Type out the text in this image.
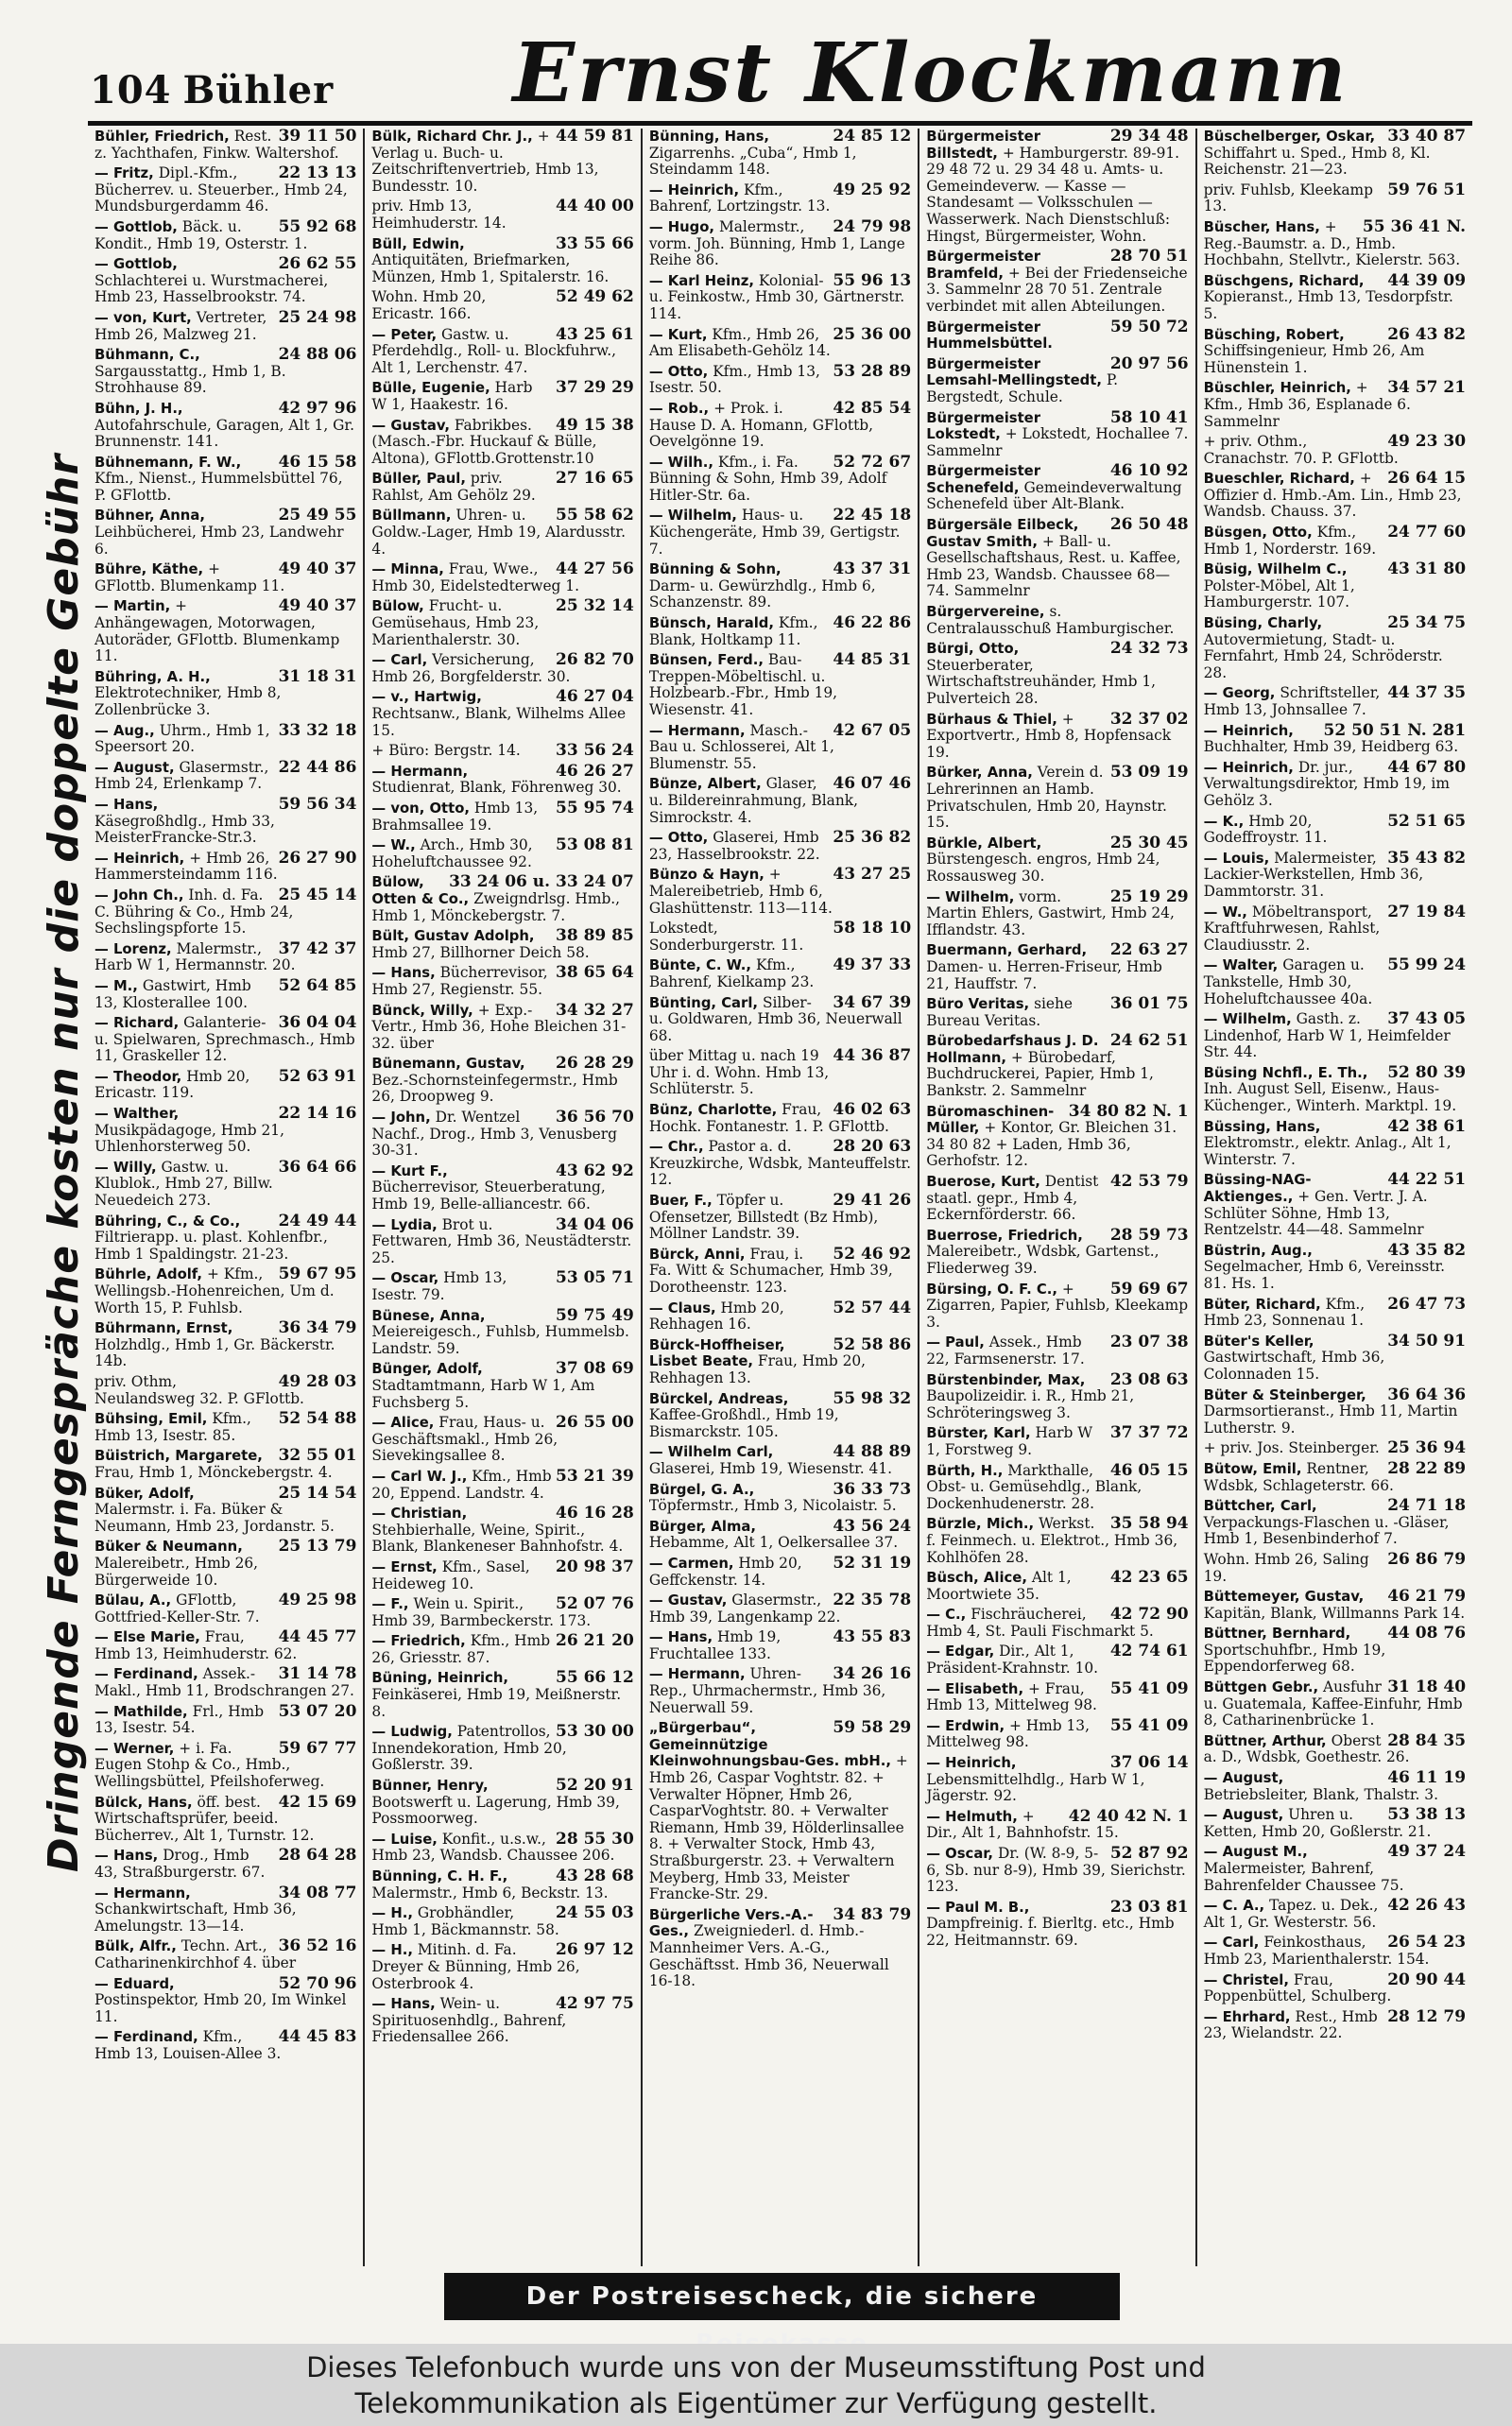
104 Bühler	Ernst Klockmann
Dringende Ferngespräche kosten nur die doppelte Gebühr
39 11 50
Bühler, Friedrich, Rest. z. Yachthafen, Finkw. Waltershof.
22 13 13
— Fritz, Dipl.-Kfm., Bücherrev. u. Steuerber., Hmb 24, Mundsburgerdamm 46.
55 92 68
— Gottlob, Bäck. u. Kondit., Hmb 19, Osterstr. 1.
26 62 55
— Gottlob, Schlachterei u. Wurstmacherei, Hmb 23, Hasselbrookstr. 74.
25 24 98
— von, Kurt, Vertreter, Hmb 26, Malzweg 21.
24 88 06
Bühmann, C., Sargausstattg., Hmb 1, B. Strohhause 89.
42 97 96
Bühn, J. H., Autofahrschule, Garagen, Alt 1, Gr. Brunnenstr. 141.
46 15 58
Bühnemann, F. W., Kfm., Nienst., Hummelsbüttel 76, P. GFlottb.
25 49 55
Bühner, Anna, Leihbücherei, Hmb 23, Landwehr 6.
49 40 37
Bühre, Käthe, + GFlottb. Blumenkamp 11.
49 40 37
— Martin, + Anhängewagen, Motorwagen, Autoräder, GFlottb. Blumenkamp 11.
31 18 31
Bühring, A. H., Elektrotechniker, Hmb 8, Zollenbrücke 3.
33 32 18
— Aug., Uhrm., Hmb 1, Speersort 20.
22 44 86
— August, Glasermstr., Hmb 24, Erlenkamp 7.
59 56 34
— Hans, Käsegroßhdlg., Hmb 33, MeisterFrancke-Str.3.
26 27 90
— Heinrich, + Hmb 26, Hammersteindamm 116.
25 45 14
— John Ch., Inh. d. Fa. C. Bühring & Co., Hmb 24, Sechslingspforte 15.
37 42 37
— Lorenz, Malermstr., Harb W 1, Hermannstr. 20.
52 64 85
— M., Gastwirt, Hmb 13, Klosterallee 100.
36 04 04
— Richard, Galanterie- u. Spielwaren, Sprechmasch., Hmb 11, Graskeller 12.
52 63 91
— Theodor, Hmb 20, Ericastr. 119.
22 14 16
— Walther, Musikpädagoge, Hmb 21, Uhlenhorsterweg 50.
36 64 66
— Willy, Gastw. u. Klublok., Hmb 27, Billw. Neuedeich 273.
24 49 44
Bühring, C., & Co., Filtrierapp. u. plast. Kohlenfbr., Hmb 1 Spaldingstr. 21-23.
59 67 95
Bührle, Adolf, + Kfm., Wellingsb.-Hohenreichen, Um d. Worth 15, P. Fuhlsb.
36 34 79
Bührmann, Ernst, Holzhdlg., Hmb 1, Gr. Bäckerstr. 14b.
49 28 03
priv. Othm, Neulandsweg 32. P. GFlottb.
52 54 88
Bühsing, Emil, Kfm., Hmb 13, Isestr. 85.
32 55 01
Büistrich, Margarete, Frau, Hmb 1, Mönckebergstr. 4.
25 14 54
Büker, Adolf, Malermstr. i. Fa. Büker & Neumann, Hmb 23, Jordanstr. 5.
25 13 79
Büker & Neumann, Malereibetr., Hmb 26, Bürgerweide 10.
49 25 98
Bülau, A., GFlottb, Gottfried-Keller-Str. 7.
44 45 77
— Else Marie, Frau, Hmb 13, Heimhuderstr. 62.
31 14 78
— Ferdinand, Assek.-Makl., Hmb 11, Brodschrangen 27.
53 07 20
— Mathilde, Frl., Hmb 13, Isestr. 54.
59 67 77
— Werner, + i. Fa. Eugen Stohp & Co., Hmb., Wellingsbüttel, Pfeilshoferweg.
42 15 69
Bülck, Hans, öff. best. Wirtschaftsprüfer, beeid. Bücherrev., Alt 1, Turnstr. 12.
28 64 28
— Hans, Drog., Hmb 43, Straßburgerstr. 67.
34 08 77
— Hermann, Schankwirtschaft, Hmb 36, Amelungstr. 13—14.
36 52 16
Bülk, Alfr., Techn. Art., Catharinenkirchhof 4. über
52 70 96
— Eduard, Postinspektor, Hmb 20, Im Winkel 11.
44 45 83
— Ferdinand, Kfm., Hmb 13, Louisen-Allee 3.
44 59 81
Bülk, Richard Chr. J., + Verlag u. Buch- u. Zeitschriftenvertrieb, Hmb 13, Bundesstr. 10.
44 40 00
priv. Hmb 13, Heimhuderstr. 14.
33 55 66
Büll, Edwin, Antiquitäten, Briefmarken, Münzen, Hmb 1, Spitalerstr. 16.
52 49 62
Wohn. Hmb 20, Ericastr. 166.
43 25 61
— Peter, Gastw. u. Pferdehdlg., Roll- u. Blockfuhrw., Alt 1, Lerchenstr. 47.
37 29 29
Bülle, Eugenie, Harb W 1, Haakestr. 16.
49 15 38
— Gustav, Fabrikbes. (Masch.-Fbr. Huckauf & Bülle, Altona), GFlottb.Grottenstr.10
27 16 65
Büller, Paul, priv. Rahlst, Am Gehölz 29.
55 58 62
Büllmann, Uhren- u. Goldw.-Lager, Hmb 19, Alardusstr. 4.
44 27 56
— Minna, Frau, Wwe., Hmb 30, Eidelstedterweg 1.
25 32 14
Bülow, Frucht- u. Gemüsehaus, Hmb 23, Marienthalerstr. 30.
26 82 70
— Carl, Versicherung, Hmb 26, Borgfelderstr. 30.
46 27 04
— v., Hartwig, Rechtsanw., Blank, Wilhelms Allee 15.
33 56 24
+ Büro: Bergstr. 14.
46 26 27
— Hermann, Studienrat, Blank, Föhrenweg 30.
55 95 74
— von, Otto, Hmb 13, Brahmsallee 19.
53 08 81
— W., Arch., Hmb 30, Hoheluftchaussee 92.
33 24 06 u. 33 24 07
Bülow, Otten & Co., Zweigndrlsg. Hmb., Hmb 1, Mönckebergstr. 7.
38 89 85
Bült, Gustav Adolph, Hmb 27, Billhorner Deich 58.
38 65 64
— Hans, Bücherrevisor, Hmb 27, Regienstr. 55.
34 32 27
Bünck, Willy, + Exp.-Vertr., Hmb 36, Hohe Bleichen 31-32. über
26 28 29
Bünemann, Gustav, Bez.-Schornsteinfegermstr., Hmb 26, Droopweg 9.
36 56 70
— John, Dr. Wentzel Nachf., Drog., Hmb 3, Venusberg 30-31.
43 62 92
— Kurt F., Bücherrevisor, Steuerberatung, Hmb 19, Belle-alliancestr. 66.
34 04 06
— Lydia, Brot u. Fettwaren, Hmb 36, Neustädterstr. 25.
53 05 71
— Oscar, Hmb 13, Isestr. 79.
59 75 49
Bünese, Anna, Meiereigesch., Fuhlsb, Hummelsb. Landstr. 59.
37 08 69
Bünger, Adolf, Stadtamtmann, Harb W 1, Am Fuchsberg 5.
26 55 00
— Alice, Frau, Haus- u. Geschäftsmakl., Hmb 26, Sievekingsallee 8.
53 21 39
— Carl W. J., Kfm., Hmb 20, Eppend. Landstr. 4.
46 16 28
— Christian, Stehbierhalle, Weine, Spirit., Blank, Blankeneser Bahnhofstr. 4.
20 98 37
— Ernst, Kfm., Sasel, Heideweg 10.
52 07 76
— F., Wein u. Spirit., Hmb 39, Barmbeckerstr. 173.
26 21 20
— Friedrich, Kfm., Hmb 26, Griesstr. 87.
55 66 12
Büning, Heinrich, Feinkäserei, Hmb 19, Meißnerstr. 8.
53 30 00
— Ludwig, Patentrollos, Innendekoration, Hmb 20, Goßlerstr. 39.
52 20 91
Bünner, Henry, Bootswerft u. Lagerung, Hmb 39, Possmoorweg.
28 55 30
— Luise, Konfit., u.s.w., Hmb 23, Wandsb. Chaussee 206.
43 28 68
Bünning, C. H. F., Malermstr., Hmb 6, Beckstr. 13.
24 55 03
— H., Grobhändler, Hmb 1, Bäckmannstr. 58.
26 97 12
— H., Mitinh. d. Fa. Dreyer & Bünning, Hmb 26, Osterbrook 4.
42 97 75
— Hans, Wein- u. Spirituosenhdlg., Bahrenf, Friedensallee 266.
24 85 12
Bünning, Hans, Zigarrenhs. „Cuba“, Hmb 1, Steindamm 148.
49 25 92
— Heinrich, Kfm., Bahrenf, Lortzingstr. 13.
24 79 98
— Hugo, Malermstr., vorm. Joh. Bünning, Hmb 1, Lange Reihe 86.
55 96 13
— Karl Heinz, Kolonial- u. Feinkostw., Hmb 30, Gärtnerstr. 114.
25 36 00
— Kurt, Kfm., Hmb 26, Am Elisabeth-Gehölz 14.
53 28 89
— Otto, Kfm., Hmb 13, Isestr. 50.
42 85 54
— Rob., + Prok. i. Hause D. A. Homann, GFlottb, Oevelgönne 19.
52 72 67
— Wilh., Kfm., i. Fa. Bünning & Sohn, Hmb 39, Adolf Hitler-Str. 6a.
22 45 18
— Wilhelm, Haus- u. Küchengeräte, Hmb 39, Gertigstr. 7.
43 37 31
Bünning & Sohn, Darm- u. Gewürzhdlg., Hmb 6, Schanzenstr. 89.
46 22 86
Bünsch, Harald, Kfm., Blank, Holtkamp 11.
44 85 31
Bünsen, Ferd., Bau-Treppen-Möbeltischl. u. Holzbearb.-Fbr., Hmb 19, Wiesenstr. 41.
42 67 05
— Hermann, Masch.-Bau u. Schlosserei, Alt 1, Blumenstr. 55.
46 07 46
Bünze, Albert, Glaser, u. Bildereinrahmung, Blank, Simrockstr. 4.
25 36 82
— Otto, Glaserei, Hmb 23, Hasselbrookstr. 22.
43 27 25
Bünzo & Hayn, + Malereibetrieb, Hmb 6, Glashüttenstr. 113—114.
58 18 10
Lokstedt, Sonderburgerstr. 11.
49 37 33
Bünte, C. W., Kfm., Bahrenf, Kielkamp 23.
34 67 39
Bünting, Carl, Silber- u. Goldwaren, Hmb 36, Neuerwall 68.
44 36 87
über Mittag u. nach 19 Uhr i. d. Wohn. Hmb 13, Schlüterstr. 5.
46 02 63
Bünz, Charlotte, Frau, Hochk. Fontanestr. 1. P. GFlottb.
28 20 63
— Chr., Pastor a. d. Kreuzkirche, Wdsbk, Manteuffelstr. 12.
29 41 26
Buer, F., Töpfer u. Ofensetzer, Billstedt (Bz Hmb), Möllner Landstr. 39.
52 46 92
Bürck, Anni, Frau, i. Fa. Witt & Schumacher, Hmb 39, Dorotheenstr. 123.
52 57 44
— Claus, Hmb 20, Rehhagen 16.
52 58 86
Bürck-Hoffheiser, Lisbet Beate, Frau, Hmb 20, Rehhagen 13.
55 98 32
Bürckel, Andreas, Kaffee-Großhdl., Hmb 19, Bismarckstr. 105.
44 88 89
— Wilhelm Carl, Glaserei, Hmb 19, Wiesenstr. 41.
36 33 73
Bürgel, G. A., Töpfermstr., Hmb 3, Nicolaistr. 5.
43 56 24
Bürger, Alma, Hebamme, Alt 1, Oelkersallee 37.
52 31 19
— Carmen, Hmb 20, Geffckenstr. 14.
22 35 78
— Gustav, Glasermstr., Hmb 39, Langenkamp 22.
43 55 83
— Hans, Hmb 19, Fruchtallee 133.
34 26 16
— Hermann, Uhren-Rep., Uhrmachermstr., Hmb 36, Neuerwall 59.
59 58 29
„Bürgerbau“, Gemeinnützige Kleinwohnungsbau-Ges. mbH., + Hmb 26, Caspar Voghtstr. 82. + Verwalter Höpner, Hmb 26, CasparVoghtstr. 80. + Verwalter Riemann, Hmb 39, Hölderlinsallee 8. + Verwalter Stock, Hmb 43, Straßburgerstr. 23. + Verwaltern Meyberg, Hmb 33, Meister Francke-Str. 29.
34 83 79
Bürgerliche Vers.-A.-Ges., Zweigniederl. d. Hmb.-Mannheimer Vers. A.-G., Geschäftsst. Hmb 36, Neuerwall 16-18.
29 34 48
Bürgermeister Billstedt, + Hamburgerstr. 89-91. 29 48 72 u. 29 34 48 u. Amts- u. Gemeindeverw. — Kasse — Standesamt — Volksschulen — Wasserwerk. Nach Dienstschluß: Hingst, Bürgermeister, Wohn.
28 70 51
Bürgermeister Bramfeld, + Bei der Friedenseiche 3. Sammelnr 28 70 51. Zentrale verbindet mit allen Abteilungen.
59 50 72
Bürgermeister Hummelsbüttel.
20 97 56
Bürgermeister Lemsahl-Mellingstedt, P. Bergstedt, Schule.
58 10 41
Bürgermeister Lokstedt, + Lokstedt, Hochallee 7. Sammelnr
46 10 92
Bürgermeister Schenefeld, Gemeindeverwaltung Schenefeld über Alt-Blank.
26 50 48
Bürgersäle Eilbeck, Gustav Smith, + Ball- u. Gesellschaftshaus, Rest. u. Kaffee, Hmb 23, Wandsb. Chaussee 68—74. Sammelnr
Bürgervereine, s. Centralausschuß Hamburgischer.
24 32 73
Bürgi, Otto, Steuerberater, Wirtschaftstreuhänder, Hmb 1, Pulverteich 28.
32 37 02
Bürhaus & Thiel, + Exportvertr., Hmb 8, Hopfensack 19.
53 09 19
Bürker, Anna, Verein d. Lehrerinnen an Hamb. Privatschulen, Hmb 20, Haynstr. 15.
25 30 45
Bürkle, Albert, Bürstengesch. engros, Hmb 24, Rossausweg 30.
25 19 29
— Wilhelm, vorm. Martin Ehlers, Gastwirt, Hmb 24, Ifflandstr. 43.
22 63 27
Buermann, Gerhard, Damen- u. Herren-Friseur, Hmb 21, Hauffstr. 7.
36 01 75
Büro Veritas, siehe Bureau Veritas.
24 62 51
Bürobedarfshaus J. D. Hollmann, + Bürobedarf, Buchdruckerei, Papier, Hmb 1, Bankstr. 2. Sammelnr
34 80 82 N. 1
Büromaschinen-Müller, + Kontor, Gr. Bleichen 31. 34 80 82 + Laden, Hmb 36, Gerhofstr. 12.
42 53 79
Buerose, Kurt, Dentist staatl. gepr., Hmb 4, Eckernförderstr. 66.
28 59 73
Buerrose, Friedrich, Malereibetr., Wdsbk, Gartenst., Fliederweg 39.
59 69 67
Bürsing, O. F. C., + Zigarren, Papier, Fuhlsb, Kleekamp 3.
23 07 38
— Paul, Assek., Hmb 22, Farmsenerstr. 17.
23 08 63
Bürstenbinder, Max, Baupolizeidir. i. R., Hmb 21, Schröteringsweg 3.
37 37 72
Bürster, Karl, Harb W 1, Forstweg 9.
46 05 15
Bürth, H., Markthalle, Obst- u. Gemüsehdlg., Blank, Dockenhudenerstr. 28.
35 58 94
Bürzle, Mich., Werkst. f. Feinmech. u. Elektrot., Hmb 36, Kohlhöfen 28.
42 23 65
Büsch, Alice, Alt 1, Moortwiete 35.
42 72 90
— C., Fischräucherei, Hmb 4, St. Pauli Fischmarkt 5.
42 74 61
— Edgar, Dir., Alt 1, Präsident-Krahnstr. 10.
55 41 09
— Elisabeth, + Frau, Hmb 13, Mittelweg 98.
55 41 09
— Erdwin, + Hmb 13, Mittelweg 98.
37 06 14
— Heinrich, Lebensmittelhdlg., Harb W 1, Jägerstr. 92.
42 40 42 N. 1
— Helmuth, + Dir., Alt 1, Bahnhofstr. 15.
52 87 92
— Oscar, Dr. (W. 8-9, 5-6, Sb. nur 8-9), Hmb 39, Sierichstr. 123.
23 03 81
— Paul M. B., Dampfreinig. f. Bierltg. etc., Hmb 22, Heitmannstr. 69.
33 40 87
Büschelberger, Oskar, Schiffahrt u. Sped., Hmb 8, Kl. Reichenstr. 21—23.
59 76 51
priv. Fuhlsb, Kleekamp 13.
55 36 41 N.
Büscher, Hans, + Reg.-Baumstr. a. D., Hmb. Hochbahn, Stellvtr., Kielerstr. 563.
44 39 09
Büschgens, Richard, Kopieranst., Hmb 13, Tesdorpfstr. 5.
26 43 82
Büsching, Robert, Schiffsingenieur, Hmb 26, Am Hünenstein 1.
34 57 21
Büschler, Heinrich, + Kfm., Hmb 36, Esplanade 6. Sammelnr
49 23 30
+ priv. Othm., Cranachstr. 70. P. GFlottb.
26 64 15
Bueschler, Richard, + Offizier d. Hmb.-Am. Lin., Hmb 23, Wandsb. Chauss. 37.
24 77 60
Büsgen, Otto, Kfm., Hmb 1, Norderstr. 169.
43 31 80
Büsig, Wilhelm C., Polster-Möbel, Alt 1, Hamburgerstr. 107.
25 34 75
Büsing, Charly, Autovermietung, Stadt- u. Fernfahrt, Hmb 24, Schröderstr. 28.
44 37 35
— Georg, Schriftsteller, Hmb 13, Johnsallee 7.
52 50 51 N. 281
— Heinrich, Buchhalter, Hmb 39, Heidberg 63.
44 67 80
— Heinrich, Dr. jur., Verwaltungsdirektor, Hmb 19, im Gehölz 3.
52 51 65
— K., Hmb 20, Godeffroystr. 11.
35 43 82
— Louis, Malermeister, Lackier-Werkstellen, Hmb 36, Dammtorstr. 31.
27 19 84
— W., Möbeltransport, Kraftfuhrwesen, Rahlst, Claudiusstr. 2.
55 99 24
— Walter, Garagen u. Tankstelle, Hmb 30, Hoheluftchaussee 40a.
37 43 05
— Wilhelm, Gasth. z. Lindenhof, Harb W 1, Heimfelder Str. 44.
52 80 39
Büsing Nchfl., E. Th., Inh. August Sell, Eisenw., Haus-Küchenger., Winterh. Marktpl. 19.
42 38 61
Büssing, Hans, Elektromstr., elektr. Anlag., Alt 1, Winterstr. 7.
44 22 51
Büssing-NAG-Aktienges., + Gen. Vertr. J. A. Schlüter Söhne, Hmb 13, Rentzelstr. 44—48. Sammelnr
43 35 82
Büstrin, Aug., Segelmacher, Hmb 6, Vereinsstr. 81. Hs. 1.
26 47 73
Büter, Richard, Kfm., Hmb 23, Sonnenau 1.
34 50 91
Büter's Keller, Gastwirtschaft, Hmb 36, Colonnaden 15.
36 64 36
Büter & Steinberger, Darmsortieranst., Hmb 11, Martin Lutherstr. 9.
25 36 94
+ priv. Jos. Steinberger.
28 22 89
Bütow, Emil, Rentner, Wdsbk, Schlageterstr. 66.
24 71 18
Büttcher, Carl, Verpackungs-Flaschen u. -Gläser, Hmb 1, Besenbinderhof 7.
26 86 79
Wohn. Hmb 26, Saling 19.
46 21 79
Büttemeyer, Gustav, Kapitän, Blank, Willmanns Park 14.
44 08 76
Büttner, Bernhard, Sportschuhfbr., Hmb 19, Eppendorferweg 68.
31 18 40
Büttgen Gebr., Ausfuhr u. Guatemala, Kaffee-Einfuhr, Hmb 8, Catharinenbrücke 1.
28 84 35
Büttner, Arthur, Oberst a. D., Wdsbk, Goethestr. 26.
46 11 19
— August, Betriebsleiter, Blank, Thalstr. 3.
53 38 13
— August, Uhren u. Ketten, Hmb 20, Goßlerstr. 21.
49 37 24
— August M., Malermeister, Bahrenf, Bahrenfelder Chaussee 75.
42 26 43
— C. A., Tapez. u. Dek., Alt 1, Gr. Westerstr. 56.
26 54 23
— Carl, Feinkosthaus, Hmb 23, Marienthalerstr. 154.
20 90 44
— Christel, Frau, Poppenbüttel, Schulberg.
28 12 79
— Ehrhard, Rest., Hmb 23, Wielandstr. 22.
Der Postreisescheck, die sichere
Dieses Telefonbuch wurde uns von der Museumsstiftung Post und
Telekommunikation als Eigentümer zur Verfügung gestellt.
